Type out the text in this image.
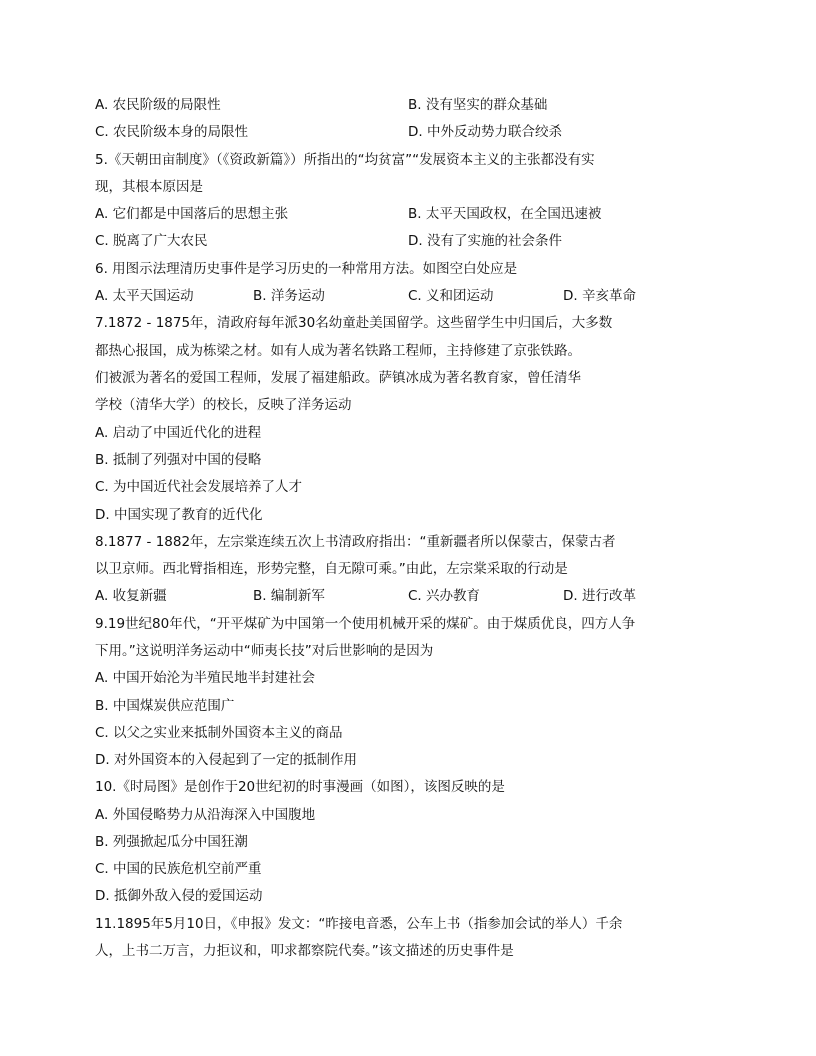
A. 农民阶级的局限性	B. 没有坚实的群众基础
C. 农民阶级本身的局限性	D. 中外反动势力联合绞杀
5.《天朝田亩制度》（《资政新篇》）所指出的“均贫富”“发展资本主义的主张都没有实
现，其根本原因是
A. 它们都是中国落后的思想主张	B. 太平天国政权，在全国迅速被
C. 脱离了广大农民	D. 没有了实施的社会条件
6. 用图示法理清历史事件是学习历史的一种常用方法。如图空白处应是
A. 太平天国运动	B. 洋务运动	C. 义和团运动	D. 辛亥革命
7.1872 - 1875年，清政府每年派30名幼童赴美国留学。这些留学生中归国后，大多数
都热心报国，成为栋梁之材。如有人成为著名铁路工程师，主持修建了京张铁路。
们被派为著名的爱国工程师，发展了福建船政。萨镇冰成为著名教育家，曾任清华
学校（清华大学）的校长，反映了洋务运动
A. 启动了中国近代化的进程
B. 抵制了列强对中国的侵略
C. 为中国近代社会发展培养了人才
D. 中国实现了教育的近代化
8.1877 - 1882年，左宗棠连续五次上书清政府指出：“重新疆者所以保蒙古，保蒙古者
以卫京师。西北臂指相连，形势完整，自无隙可乘。”由此，左宗棠采取的行动是
A. 收复新疆	B. 编制新军	C. 兴办教育	D. 进行改革
9.19世纪80年代，“开平煤矿为中国第一个使用机械开采的煤矿。由于煤质优良，四方人争
下用。”这说明洋务运动中“师夷长技”对后世影响的是因为
A. 中国开始沦为半殖民地半封建社会
B. 中国煤炭供应范围广
C. 以父之实业来抵制外国资本主义的商品
D. 对外国资本的入侵起到了一定的抵制作用
10.《时局图》是创作于20世纪初的时事漫画（如图），该图反映的是
A. 外国侵略势力从沿海深入中国腹地
B. 列强掀起瓜分中国狂潮
C. 中国的民族危机空前严重
D. 抵御外敌入侵的爱国运动
11.1895年5月10日，《申报》发文：“昨接电音悉，公车上书（指参加会试的举人）千余
人，上书二万言，力拒议和，叩求都察院代奏。”该文描述的历史事件是
